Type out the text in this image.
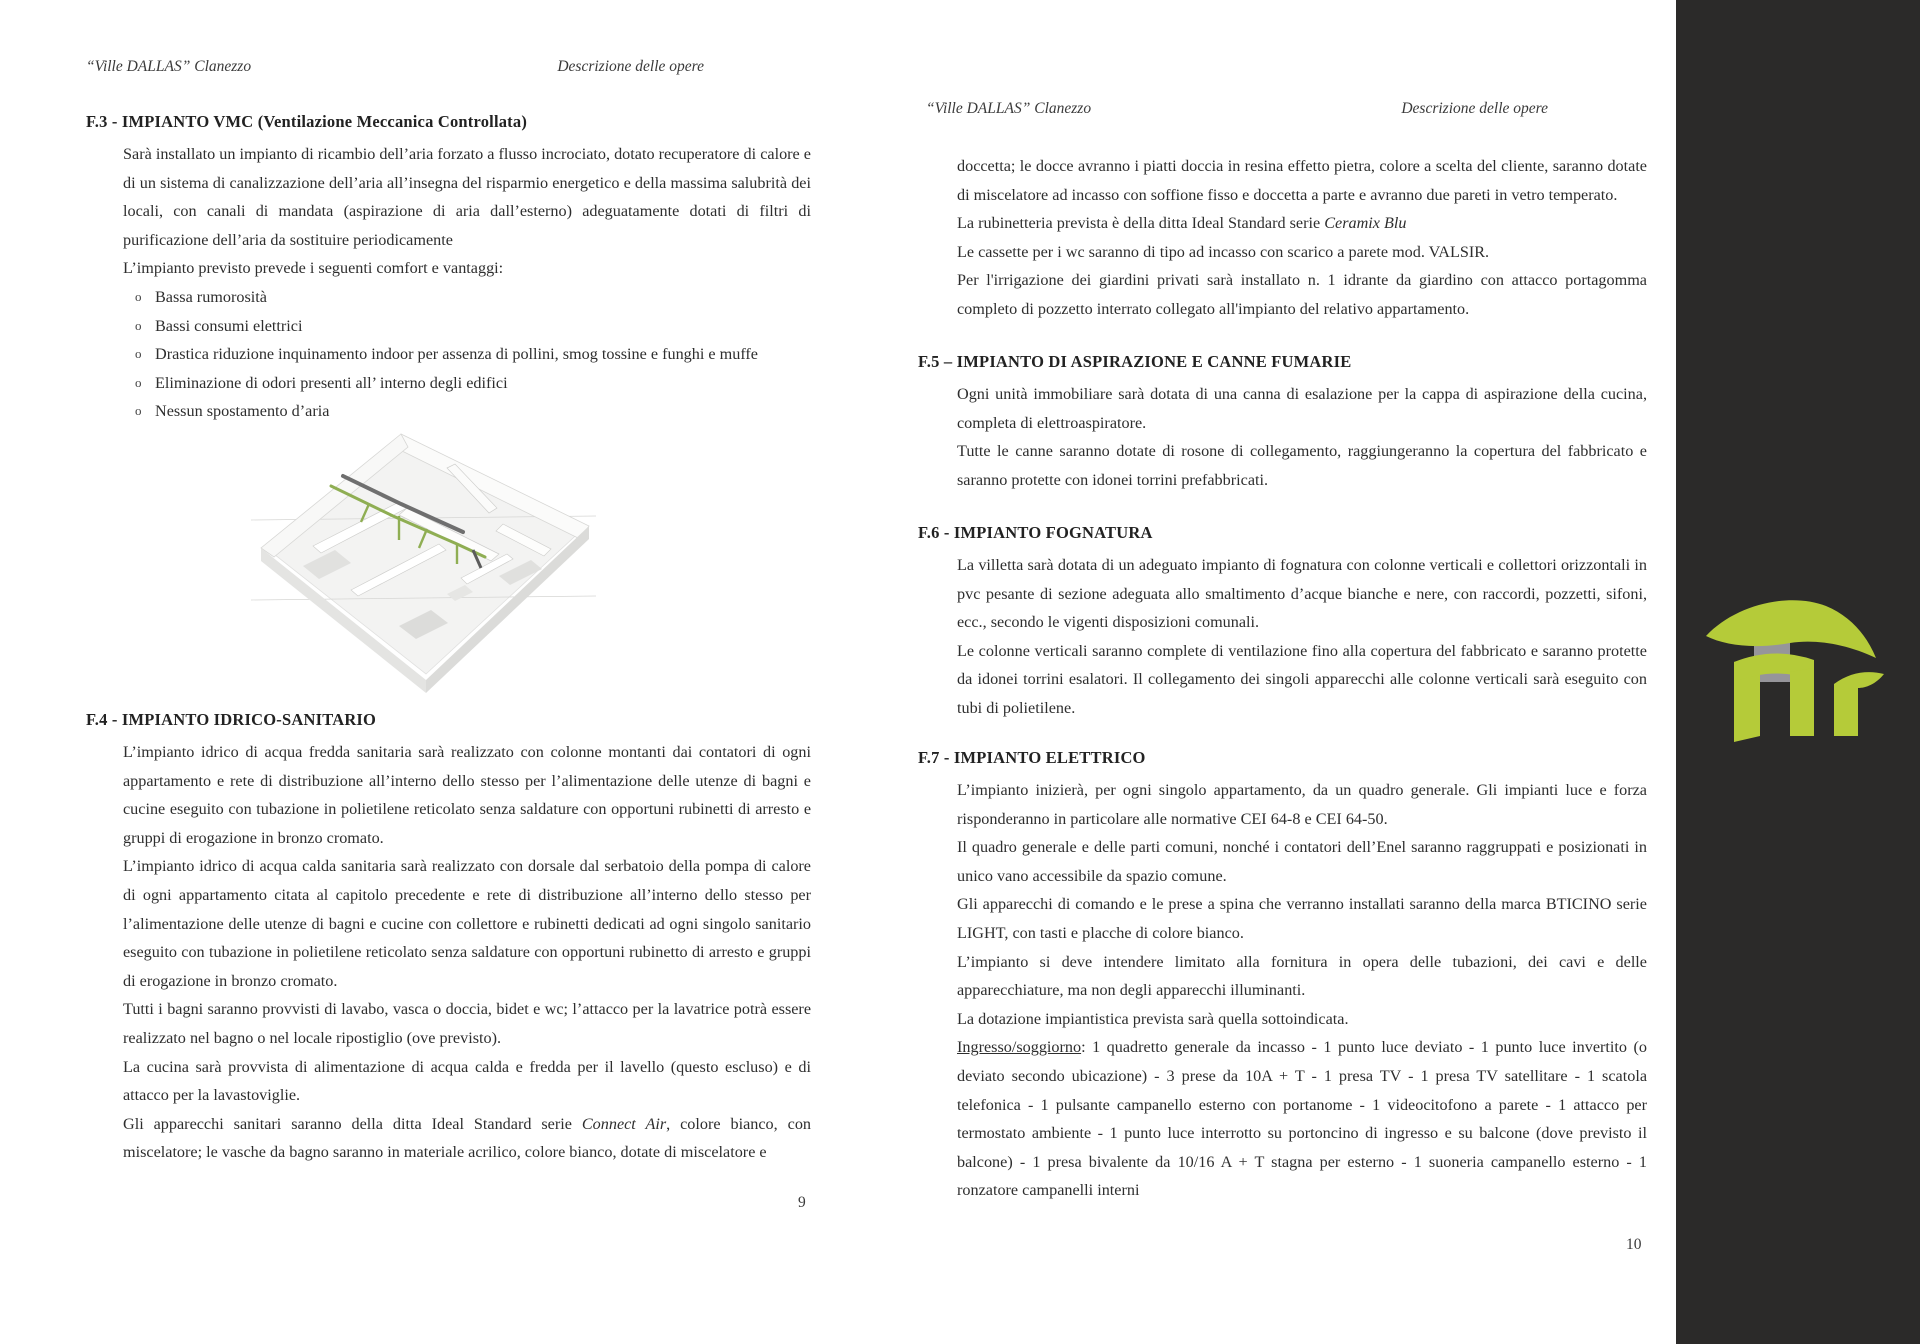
“Ville DALLAS” Clanezzo	Descrizione delle opere
F.3 - IMPIANTO VMC (Ventilazione Meccanica Controllata)

Sarà installato un impianto di ricambio dell’aria forzato a flusso incrociato, dotato recuperatore di calore e di un sistema di canalizzazione dell’aria all’insegna del risparmio energetico e della massima salubrità dei locali, con canali di mandata (aspirazione di aria dall’esterno) adeguatamente dotati di filtri di purificazione dell’aria da sostituire periodicamente

L’impianto previsto prevede i seguenti comfort e vantaggi:

o Bassa rumorosità
o Bassi consumi elettrici
o Drastica riduzione inquinamento indoor per assenza di pollini, smog tossine e funghi e muffe
o Eliminazione di odori presenti all’ interno degli edifici
o Nessun spostamento d’aria
F.4 - IMPIANTO IDRICO-SANITARIO

L’impianto idrico di acqua fredda sanitaria sarà realizzato con colonne montanti dai contatori di ogni appartamento e rete di distribuzione all’interno dello stesso per l’alimentazione delle utenze di bagni e cucine eseguito con tubazione in polietilene reticolato senza saldature con opportuni rubinetti di arresto e gruppi di erogazione in bronzo cromato.

L’impianto idrico di acqua calda sanitaria sarà realizzato con dorsale dal serbatoio della pompa di calore di ogni appartamento citata al capitolo precedente e rete di distribuzione all’interno dello stesso per l’alimentazione delle utenze di bagni e cucine con collettore e rubinetti dedicati ad ogni singolo sanitario eseguito con tubazione in polietilene reticolato senza saldature con opportuni rubinetto di arresto e gruppi di erogazione in bronzo cromato.

Tutti i bagni saranno provvisti di lavabo, vasca o doccia, bidet e wc; l’attacco per la lavatrice potrà essere realizzato nel bagno o nel locale ripostiglio (ove previsto).

La cucina sarà provvista di alimentazione di acqua calda e fredda per il lavello (questo escluso) e di attacco per la lavastoviglie.

Gli apparecchi sanitari saranno della ditta Ideal Standard serie Connect Air, colore bianco, con miscelatore; le vasche da bagno saranno in materiale acrilico, colore bianco, dotate di miscelatore e

9
“Ville DALLAS” Clanezzo	Descrizione delle opere

doccetta; le docce avranno i piatti doccia in resina effetto pietra, colore a scelta del cliente, saranno dotate di miscelatore ad incasso con soffione fisso e doccetta a parte e avranno due pareti in vetro temperato.

La rubinetteria prevista è della ditta Ideal Standard serie Ceramix Blu

Le cassette per i wc saranno di tipo ad incasso con scarico a parete mod. VALSIR.

Per l'irrigazione dei giardini privati sarà installato n. 1 idrante da giardino con attacco portagomma completo di pozzetto interrato collegato all'impianto del relativo appartamento.

F.5 – IMPIANTO DI ASPIRAZIONE E CANNE FUMARIE

Ogni unità immobiliare sarà dotata di una canna di esalazione per la cappa di aspirazione della cucina, completa di elettroaspiratore.

Tutte le canne saranno dotate di rosone di collegamento, raggiungeranno la copertura del fabbricato e saranno protette con idonei torrini prefabbricati.

F.6 - IMPIANTO FOGNATURA

La villetta sarà dotata di un adeguato impianto di fognatura con colonne verticali e collettori orizzontali in pvc pesante di sezione adeguata allo smaltimento d’acque bianche e nere, con raccordi, pozzetti, sifoni, ecc., secondo le vigenti disposizioni comunali.

Le colonne verticali saranno complete di ventilazione fino alla copertura del fabbricato e saranno protette da idonei torrini esalatori. Il collegamento dei singoli apparecchi alle colonne verticali sarà eseguito con tubi di polietilene.

F.7 - IMPIANTO ELETTRICO

L’impianto inizierà, per ogni singolo appartamento, da un quadro generale. Gli impianti luce e forza risponderanno in particolare alle normative CEI 64-8 e CEI 64-50.

Il quadro generale e delle parti comuni, nonché i contatori dell’Enel saranno raggruppati e posizionati in unico vano accessibile da spazio comune.

Gli apparecchi di comando e le prese a spina che verranno installati saranno della marca BTICINO serie LIGHT, con tasti e placche di colore bianco.

L’impianto si deve intendere limitato alla fornitura in opera delle tubazioni, dei cavi e delle apparecchiature, ma non degli apparecchi illuminanti.

La dotazione impiantistica prevista sarà quella sottoindicata.

Ingresso/soggiorno: 1 quadretto generale da incasso - 1 punto luce deviato - 1 punto luce invertito (o deviato secondo ubicazione) - 3 prese da 10A + T - 1 presa TV - 1 presa TV satellitare - 1 scatola telefonica - 1 pulsante campanello esterno con portanome - 1 videocitofono a parete - 1 attacco per termostato ambiente - 1 punto luce interrotto su portoncino di ingresso e su balcone (dove previsto il balcone) - 1 presa bivalente da 10/16 A + T stagna per esterno - 1 suoneria campanello esterno - 1 ronzatore campanelli interni

10
